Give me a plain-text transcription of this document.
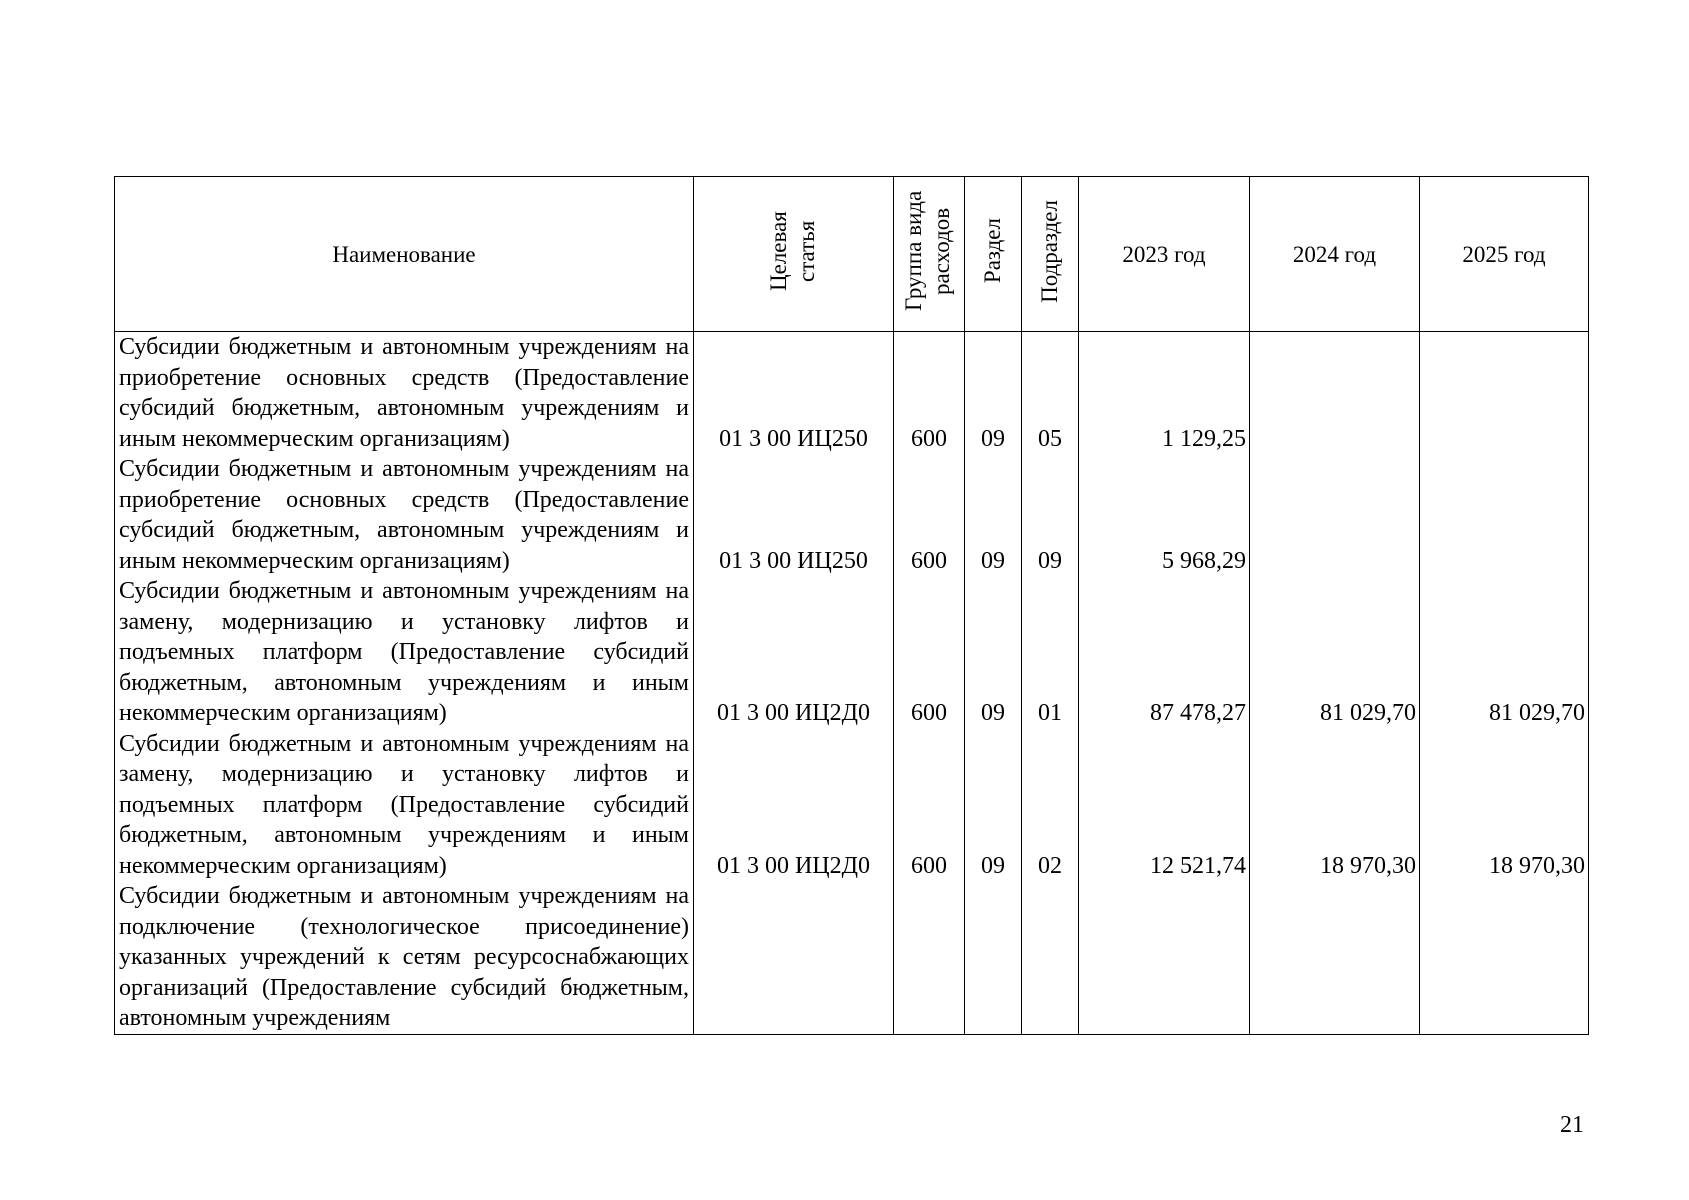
Наименование	Целевая статья	Группа вида расходов	Раздел	Подраздел	2023 год	2024 год	2025 год
Субсидии бюджетным и автономным учреждениям на приобретение основных средств (Предоставление субсидий бюджетным, автономным учреждениям и иным некоммерческим организациям)	01 3 00 ИЦ250	600	09	05	1 129,25		
Субсидии бюджетным и автономным учреждениям на приобретение основных средств (Предоставление субсидий бюджетным, автономным учреждениям и иным некоммерческим организациям)	01 3 00 ИЦ250	600	09	09	5 968,29		
Субсидии бюджетным и автономным учреждениям на замену, модернизацию и установку лифтов и подъемных платформ (Предоставление субсидий бюджетным, автономным учреждениям и иным некоммерческим организациям)	01 3 00 ИЦ2Д0	600	09	01	87 478,27	81 029,70	81 029,70
Субсидии бюджетным и автономным учреждениям на замену, модернизацию и установку лифтов и подъемных платформ (Предоставление субсидий бюджетным, автономным учреждениям и иным некоммерческим организациям)	01 3 00 ИЦ2Д0	600	09	02	12 521,74	18 970,30	18 970,30
Субсидии бюджетным и автономным учреждениям на подключение (технологическое присоединение) указанных учреждений к сетям ресурсоснабжающих организаций (Предоставление субсидий бюджетным, автономным учреждениям							
21
